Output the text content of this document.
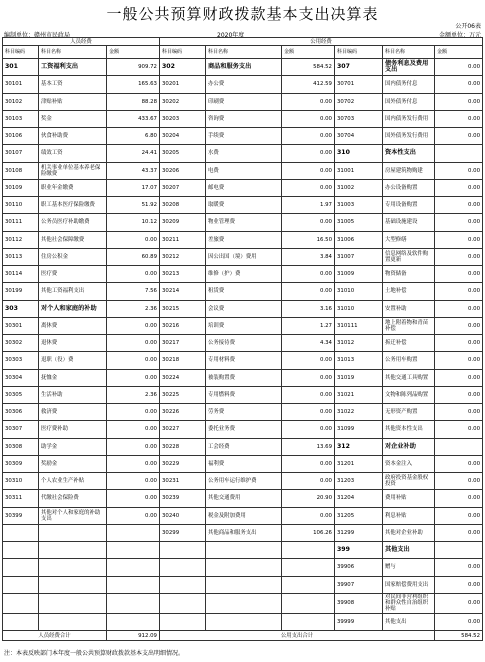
一般公共预算财政拨款基本支出决算表
公开06表
编制单位：赣州市民政局	2020年度	金额单位：万元
人员经费			公用经费					
科目编码	科目名称	金额	科目编码	科目名称	金额	科目编码	科目名称	金额
301	工资福利支出	909.72	302	商品和服务支出	584.52	307	债务利息及费用支出	0.00
30101	基本工资	165.63	30201	办公费	412.59	30701	国内债务付息	0.00
30102	津贴补贴	88.28	30202	印刷费	0.00	30702	国外债务付息	0.00
30103	奖金	433.67	30203	咨询费	0.00	30703	国内债务发行费用	0.00
30106	伙食补助费	6.80	30204	手续费	0.00	30704	国外债务发行费用	0.00
30107	绩效工资	24.41	30205	水费	0.00	310	资本性支出	
30108	机关事业单位基本养老保险缴费	43.37	30206	电费	0.00	31001	房屋建筑物购建	0.00
30109	职业年金缴费	17.07	30207	邮电费	0.00	31002	办公设备购置	0.00
30110	职工基本医疗保险缴费	51.92	30208	取暖费	1.97	31003	专用设备购置	0.00
30111	公务员医疗补助缴费	10.12	30209	物业管理费	0.00	31005	基础设施建设	0.00
30112	其他社会保障缴费	0.00	30211	差旅费	16.50	31006	大型修缮	0.00
30113	住房公积金	60.89	30212	因公出国（境）费用	3.84	31007	信息网络及软件购置更新	0.00
30114	医疗费	0.00	30213	维修（护）费	0.00	31009	物资储备	0.00
30199	其他工资福利支出	7.56	30214	租赁费	0.00	31010	土地补偿	0.00
303	对个人和家庭的补助	2.36	30215	会议费	3.16	31010	安置补助	0.00
30301	离休费	0.00	30216	培训费	1.27	310111	地上附着物和青苗补偿	0.00
30302	退休费	0.00	30217	公务接待费	4.34	31012	拆迁补偿	0.00
30303	退职（役）费	0.00	30218	专用材料费	0.00	31013	公务用车购置	0.00
30304	抚恤金	0.00	30224	被装购置费	0.00	31019	其他交通工具购置	0.00
30305	生活补助	2.36	30225	专用燃料费	0.00	31021	文物和陈列品购置	0.00
30306	救济费	0.00	30226	劳务费	0.00	31022	无形资产购置	0.00
30307	医疗费补助	0.00	30227	委托业务费	0.00	31099	其他资本性支出	0.00
30308	助学金	0.00	30228	工会经费	13.69	312	对企业补助	
30309	奖励金	0.00	30229	福利费	0.00	31201	资本金注入	0.00
30310	个人农业生产补贴	0.00	30231	公务用车运行维护费	0.00	31203	政府投资基金股权投资	0.00
30311	代缴社会保险费	0.00	30239	其他交通费用	20.90	31204	费用补贴	0.00
30399	其他对个人和家庭的补助支出	0.00	30240	税金及附加费用	0.00	31205	利息补贴	0.00
			30299	其他商品和服务支出	106.26	31299	其他对企业补助	0.00
						399	其他支出	
						39906	赠与	0.00
						39907	国家赔偿费用支出	0.00
						39908	对民间非营利组织和群众性自治组织补贴	0.00
						39999	其他支出	0.00
人员经费合计		912.09	公用支出合计					584.52
注：本表反映部门本年度一般公共预算财政拨款基本支出明细情况。
